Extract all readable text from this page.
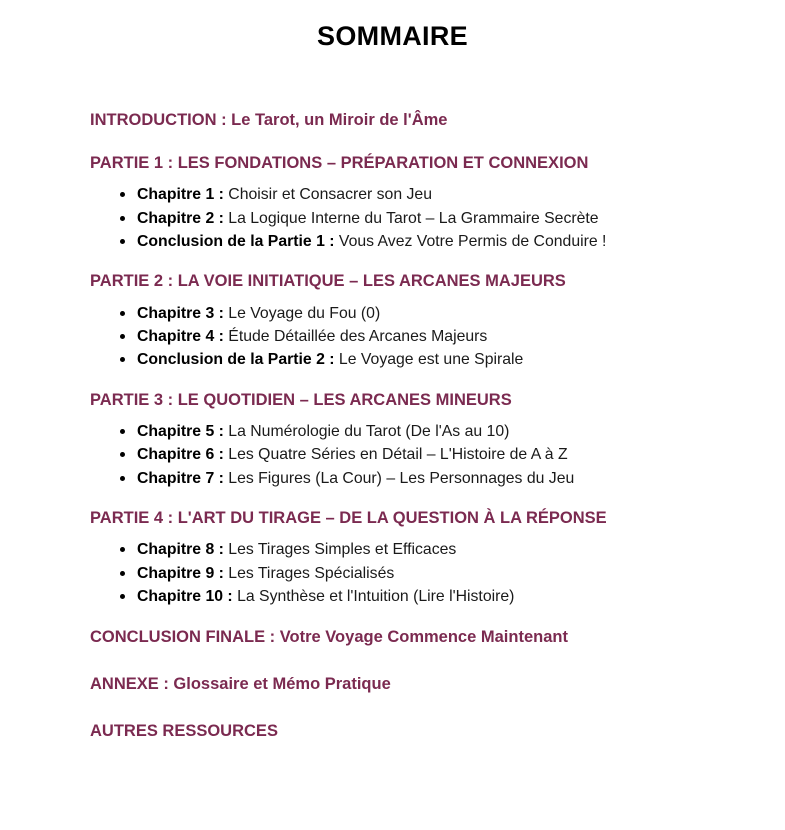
SOMMAIRE
INTRODUCTION : Le Tarot, un Miroir de l'Âme
PARTIE 1 : LES FONDATIONS – PRÉPARATION ET CONNEXION
Chapitre 1 : Choisir et Consacrer son Jeu
Chapitre 2 : La Logique Interne du Tarot – La Grammaire Secrète
Conclusion de la Partie 1 : Vous Avez Votre Permis de Conduire !
PARTIE 2 : LA VOIE INITIATIQUE – LES ARCANES MAJEURS
Chapitre 3 : Le Voyage du Fou (0)
Chapitre 4 : Étude Détaillée des Arcanes Majeurs
Conclusion de la Partie 2 : Le Voyage est une Spirale
PARTIE 3 : LE QUOTIDIEN – LES ARCANES MINEURS
Chapitre 5 : La Numérologie du Tarot (De l'As au 10)
Chapitre 6 : Les Quatre Séries en Détail – L'Histoire de A à Z
Chapitre 7 : Les Figures (La Cour) – Les Personnages du Jeu
PARTIE 4 : L'ART DU TIRAGE – DE LA QUESTION À LA RÉPONSE
Chapitre 8 : Les Tirages Simples et Efficaces
Chapitre 9 : Les Tirages Spécialisés
Chapitre 10 : La Synthèse et l'Intuition (Lire l'Histoire)
CONCLUSION FINALE : Votre Voyage Commence Maintenant
ANNEXE : Glossaire et Mémo Pratique
AUTRES RESSOURCES
